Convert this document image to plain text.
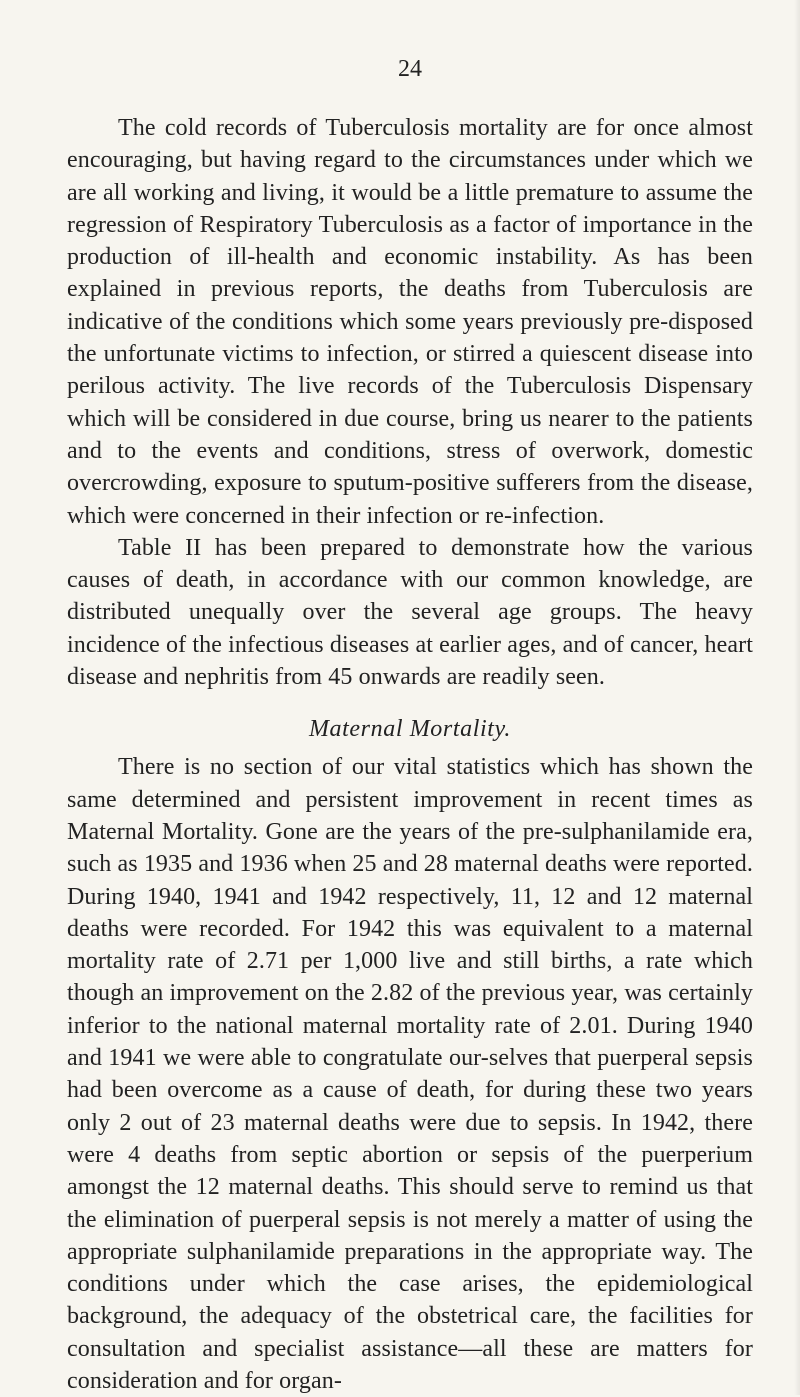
24

The cold records of Tuberculosis mortality are for once almost encouraging, but having regard to the circumstances under which we are all working and living, it would be a little premature to assume the regression of Respiratory Tuberculosis as a factor of importance in the production of ill-health and economic instability. As has been explained in previous reports, the deaths from Tuberculosis are indicative of the conditions which some years previously pre-disposed the unfortunate victims to infection, or stirred a quiescent disease into perilous activity. The live records of the Tuberculosis Dispensary which will be considered in due course, bring us nearer to the patients and to the events and conditions, stress of overwork, domestic overcrowding, exposure to sputum-positive sufferers from the disease, which were concerned in their infection or re-infection.

Table II has been prepared to demonstrate how the various causes of death, in accordance with our common knowledge, are distributed unequally over the several age groups. The heavy incidence of the infectious diseases at earlier ages, and of cancer, heart disease and nephritis from 45 onwards are readily seen.

Maternal Mortality.

There is no section of our vital statistics which has shown the same determined and persistent improvement in recent times as Maternal Mortality. Gone are the years of the pre-sulphanilamide era, such as 1935 and 1936 when 25 and 28 maternal deaths were reported. During 1940, 1941 and 1942 respectively, 11, 12 and 12 maternal deaths were recorded. For 1942 this was equivalent to a maternal mortality rate of 2.71 per 1,000 live and still births, a rate which though an improvement on the 2.82 of the previous year, was certainly inferior to the national maternal mortality rate of 2.01. During 1940 and 1941 we were able to congratulate our-selves that puerperal sepsis had been overcome as a cause of death, for during these two years only 2 out of 23 maternal deaths were due to sepsis. In 1942, there were 4 deaths from septic abortion or sepsis of the puerperium amongst the 12 maternal deaths. This should serve to remind us that the elimination of puerperal sepsis is not merely a matter of using the appropriate sulphanilamide preparations in the appropriate way. The conditions under which the case arises, the epidemiological background, the adequacy of the obstetrical care, the facilities for consultation and specialist assistance—all these are matters for consideration and for organ-
